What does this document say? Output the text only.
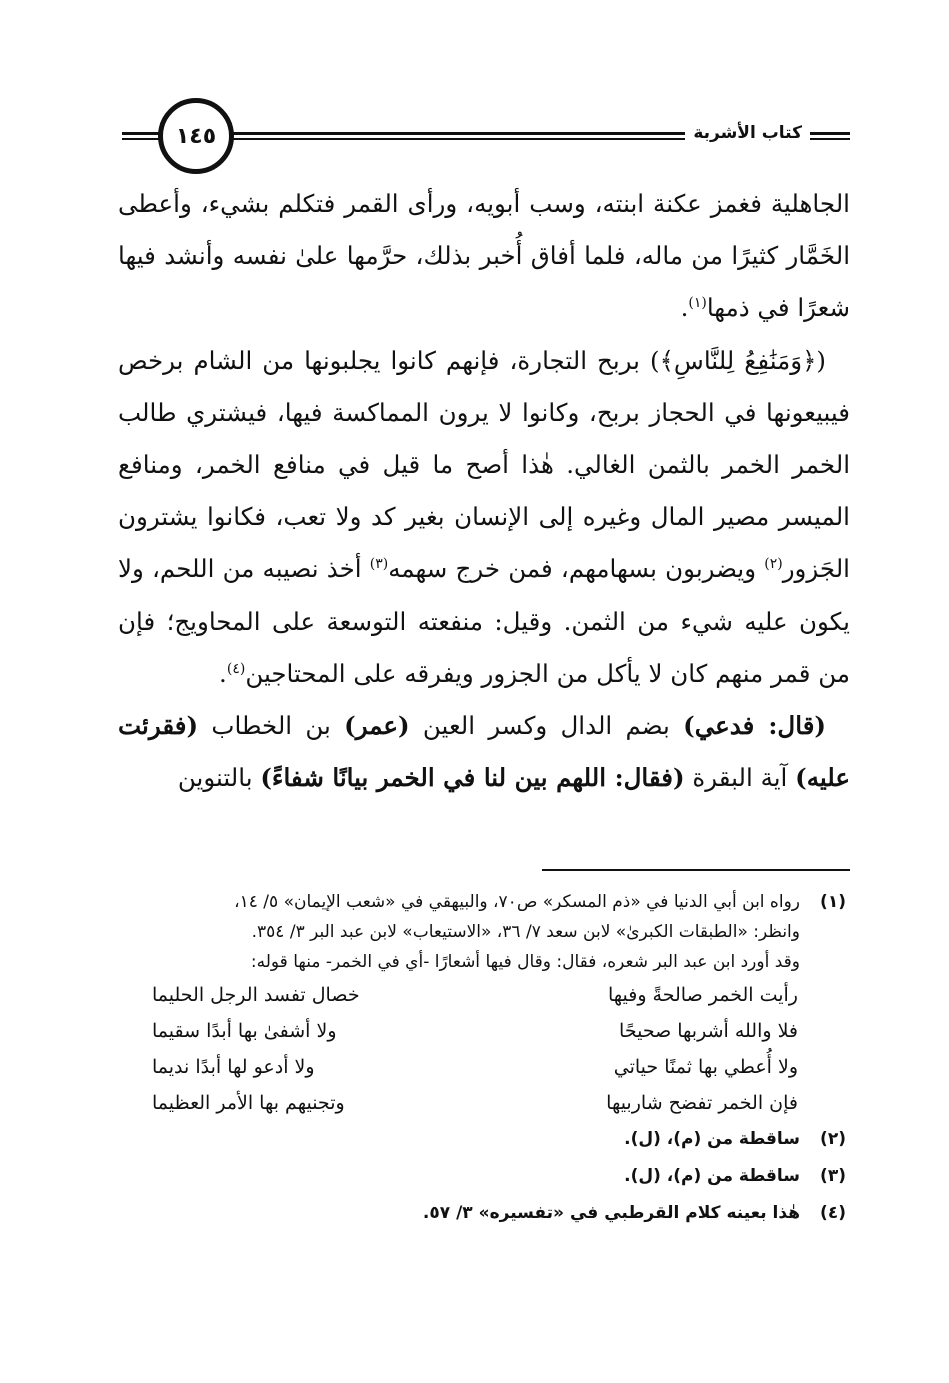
١٤٥	كتاب الأشربة

الجاهلية فغمز عكنة ابنته، وسب أبويه، ورأى القمر فتكلم بشيء، وأعطى الخَمَّار كثيرًا من ماله، فلما أفاق أُخبر بذلك، حرَّمها علىٰ نفسه وأنشد فيها شعرًا في ذمها$^{(١)}$.

(﴿وَمَنَٰفِعُ لِلنَّاسِ﴾) بربح التجارة، فإنهم كانوا يجلبونها من الشام برخص فيبيعونها في الحجاز بربح، وكانوا لا يرون المماكسة فيها، فيشتري طالب الخمر الخمر بالثمن الغالي. هٰذا أصح ما قيل في منافع الخمر، ومنافع الميسر مصير المال وغيره إلى الإنسان بغير كد ولا تعب، فكانوا يشترون الجَزور$^{(٢)}$ ويضربون بسهامهم، فمن خرج سهمه$^{(٣)}$ أخذ نصيبه من اللحم، ولا يكون عليه شيء من الثمن. وقيل: منفعته التوسعة على المحاويج؛ فإن من قمر منهم كان لا يأكل من الجزور ويفرقه على المحتاجين$^{(٤)}$.

(قال: فدعي) بضم الدال وكسر العين (عمر) بن الخطاب (فقرئت عليه) آية البقرة (فقال: اللهم بين لنا في الخمر بيانًا شفاءً) بالتنوين

(١)
رواه ابن أبي الدنيا في «ذم المسكر» ص٧٠، والبيهقي في «شعب الإيمان» ٥/ ١٤،
وانظر: «الطبقات الكبرىٰ» لابن سعد ٧/ ٣٦، «الاستيعاب» لابن عبد البر ٣/ ٣٥٤.
وقد أورد ابن عبد البر شعره، فقال: وقال فيها أشعارًا -أي في الخمر- منها قوله:
رأيت الخمر صالحةً وفيها
خصال تفسد الرجل الحليما
فلا والله أشربها صحيحًا
ولا أشفىٰ بها أبدًا سقيما
ولا أُعطي بها ثمنًا حياتي
ولا أدعو لها أبدًا نديما
فإن الخمر تفضح شاربيها
وتجنيهم بها الأمر العظيما
(٢)
ساقطة من (م)، (ل).
(٣)
ساقطة من (م)، (ل).
(٤)
هٰذا بعينه كلام القرطبي في «تفسيره» ٣/ ٥٧.
